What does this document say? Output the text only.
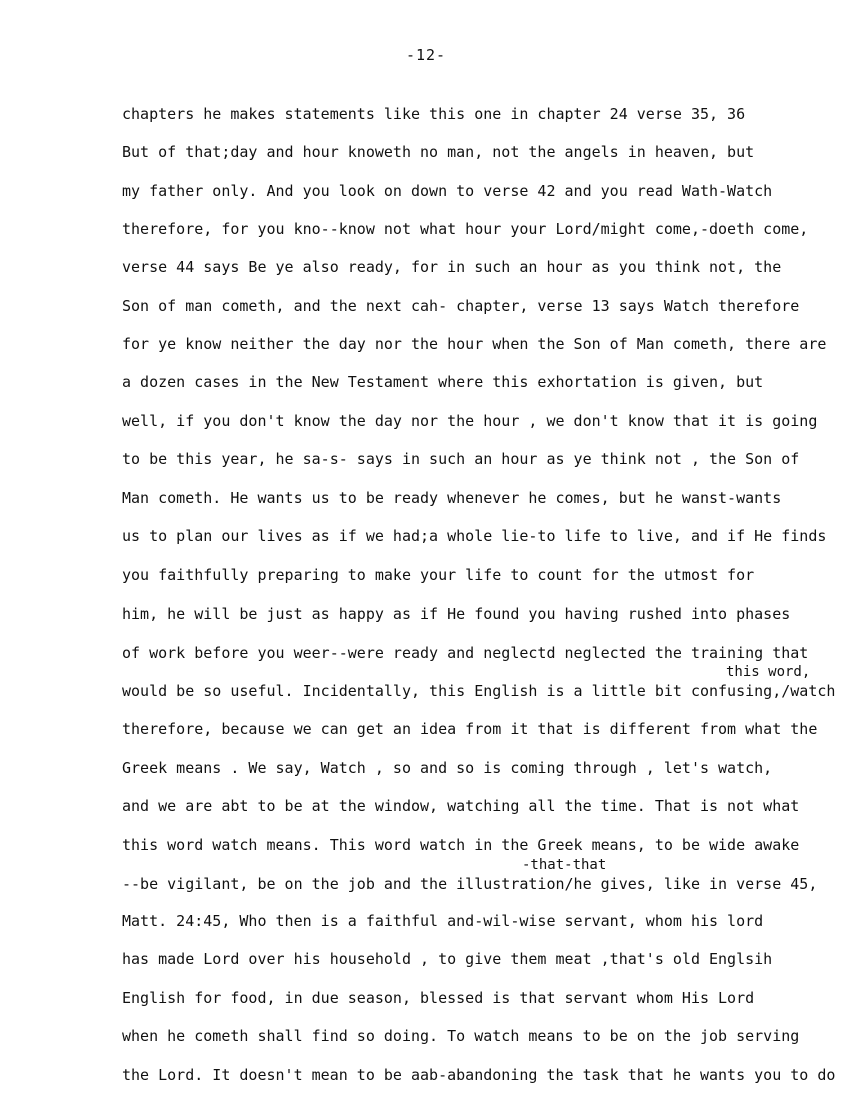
-12-
chapters he makes statements like this one in chapter 24 verse 35, 36
But of that;day and hour knoweth no man, not the angels in heaven, but
my father only. And you look on down to verse 42 and you read Wath-Watch
therefore, for you kno--know not what hour your Lord/might come,-doeth come,
verse 44 says Be ye also ready, for in such an hour as you think not, the
Son of man cometh, and the next cah- chapter, verse 13 says Watch therefore
for ye know neither the day nor the hour when the Son of Man cometh, there are
a dozen cases in the New Testament where this exhortation is given, but
well, if you don't know the day nor the hour , we don't know that it is going
to be this year, he sa-s- says in such an hour as ye think not , the Son of
Man cometh. He wants us to be ready whenever he comes, but he wanst-wants
us to plan our lives as if we had;a whole lie-to life to live, and if He finds
you faithfully preparing to make your life to count for the utmost for
him, he will be just as happy as if He found you having rushed into phases
of work before you weer--were ready and neglectd neglected the training that
this word,
would be so useful. Incidentally, this English is a little bit confusing,/watch
therefore, because we can get an idea from it that is different from what the
Greek means . We say, Watch , so and so is coming through , let's watch,
and we are abt to be at the window, watching all the time. That is not what
this word watch means. This word watch in the Greek means, to be wide awake
-that-that
--be vigilant, be on the job and the illustration/he gives, like in verse 45,
Matt. 24:45, Who then is a faithful and-wil-wise servant, whom his lord
has made Lord over his household , to give them meat ,that's old Englsih
English for food, in due season, blessed is that servant whom His Lord
when he cometh shall find so doing. To watch means to be on the job serving
the Lord. It doesn't mean to be aab-abandoning the task that he wants you to do
